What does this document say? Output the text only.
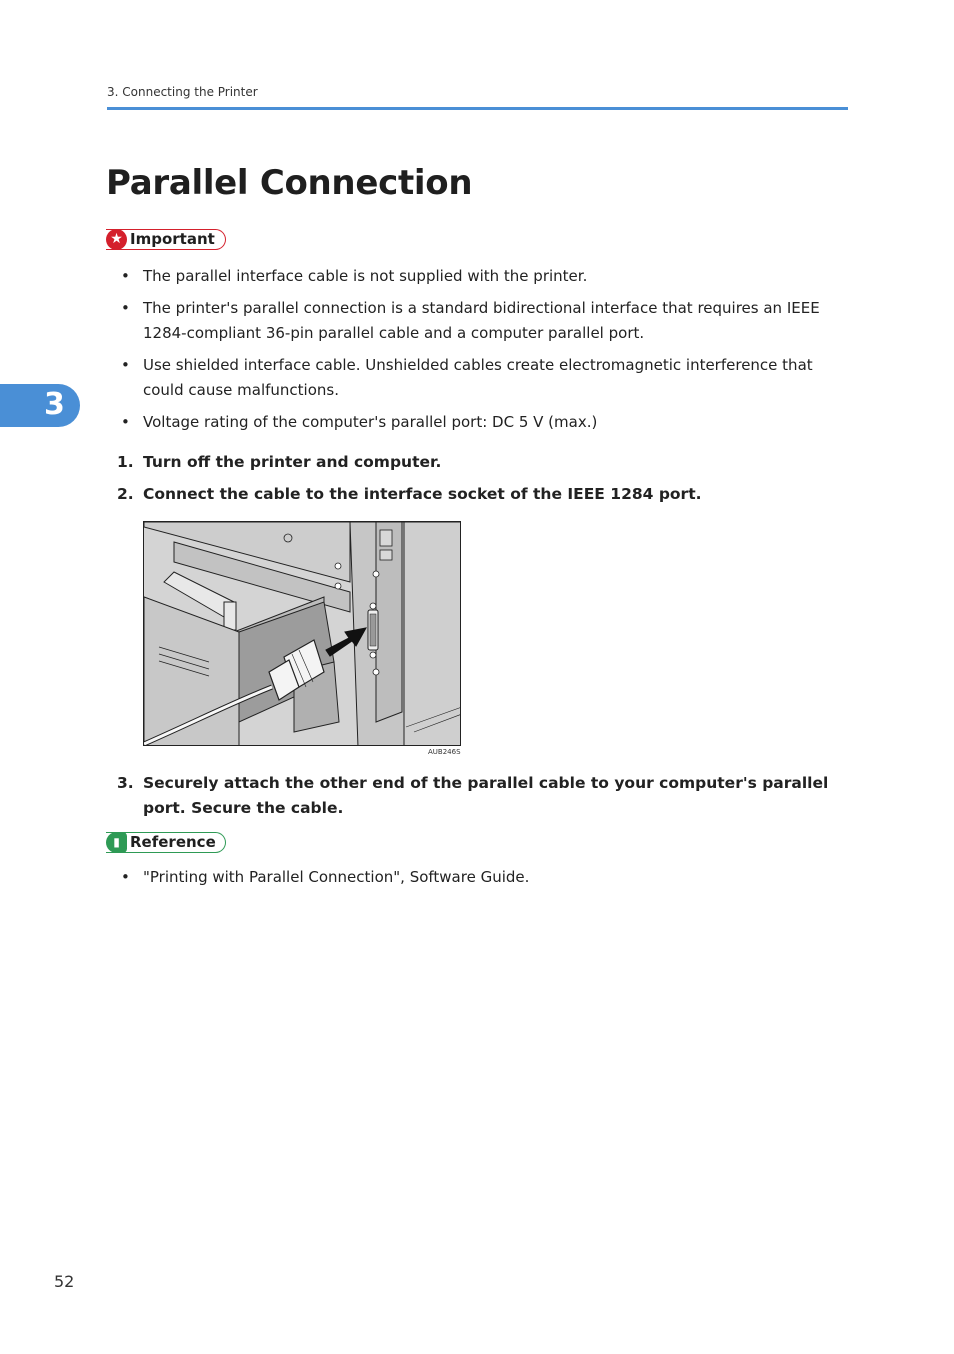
3. Connecting the Printer
3
Parallel Connection
★ Important
• The parallel interface cable is not supplied with the printer.
• The printer's parallel connection is a standard bidirectional interface that requires an IEEE 1284-compliant 36-pin parallel cable and a computer parallel port.
• Use shielded interface cable. Unshielded cables create electromagnetic interference that could cause malfunctions.
• Voltage rating of the computer's parallel port: DC 5 V (max.)
1. Turn off the printer and computer.
2. Connect the cable to the interface socket of the IEEE 1284 port.
AUB246S
3. Securely attach the other end of the parallel cable to your computer's parallel port. Secure the cable.
▮ Reference
• "Printing with Parallel Connection", Software Guide.
52
